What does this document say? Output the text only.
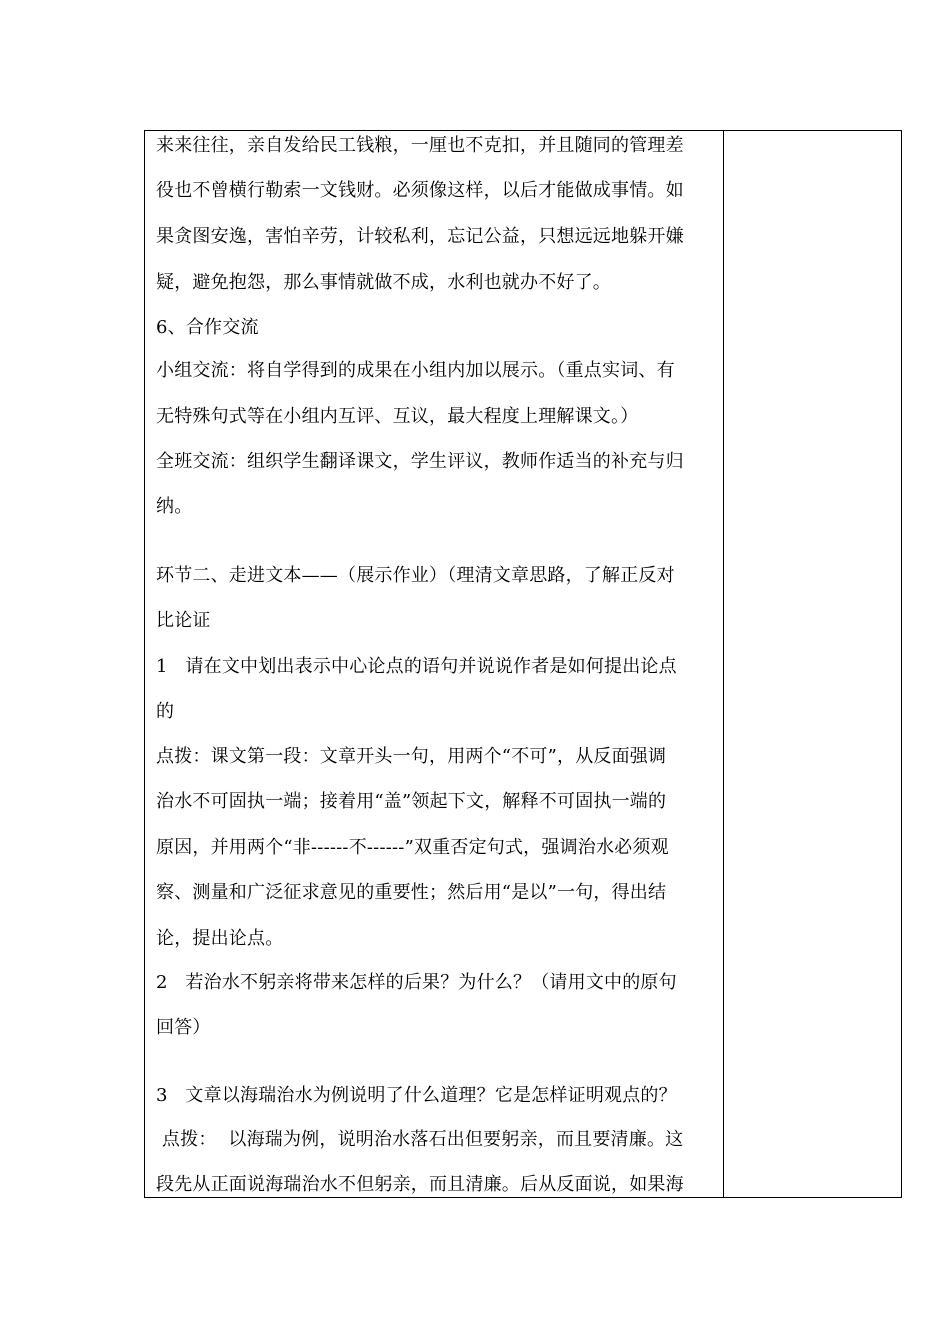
来来往往，亲自发给民工钱粮，一厘也不克扣，并且随同的管理差
役也不曾横行勒索一文钱财。必须像这样，以后才能做成事情。如
果贪图安逸，害怕辛劳，计较私利，忘记公益，只想远远地躲开嫌
疑，避免抱怨，那么事情就做不成，水利也就办不好了。
6、合作交流
小组交流：将自学得到的成果在小组内加以展示。（重点实词、有
无特殊句式等在小组内互评、互议，最大程度上理解课文。）
全班交流：组织学生翻译课文，学生评议，教师作适当的补充与归
纳。
环节二、走进文本——（展示作业）（理清文章思路，了解正反对
比论证
1   请在文中划出表示中心论点的语句并说说作者是如何提出论点
的
点拨：课文第一段：文章开头一句，用两个“不可”，从反面强调
治水不可固执一端；接着用“盖”领起下文，解释不可固执一端的
原因，并用两个“非------不------”双重否定句式，强调治水必须观
察、测量和广泛征求意见的重要性；然后用“是以”一句，得出结
论，提出论点。
2   若治水不躬亲将带来怎样的后果？为什么？（请用文中的原句
回答）
3   文章以海瑞治水为例说明了什么道理？它是怎样证明观点的？
点拨：  以海瑞为例，说明治水落石出但要躬亲，而且要清廉。这
段先从正面说海瑞治水不但躬亲，而且清廉。后从反面说，如果海
